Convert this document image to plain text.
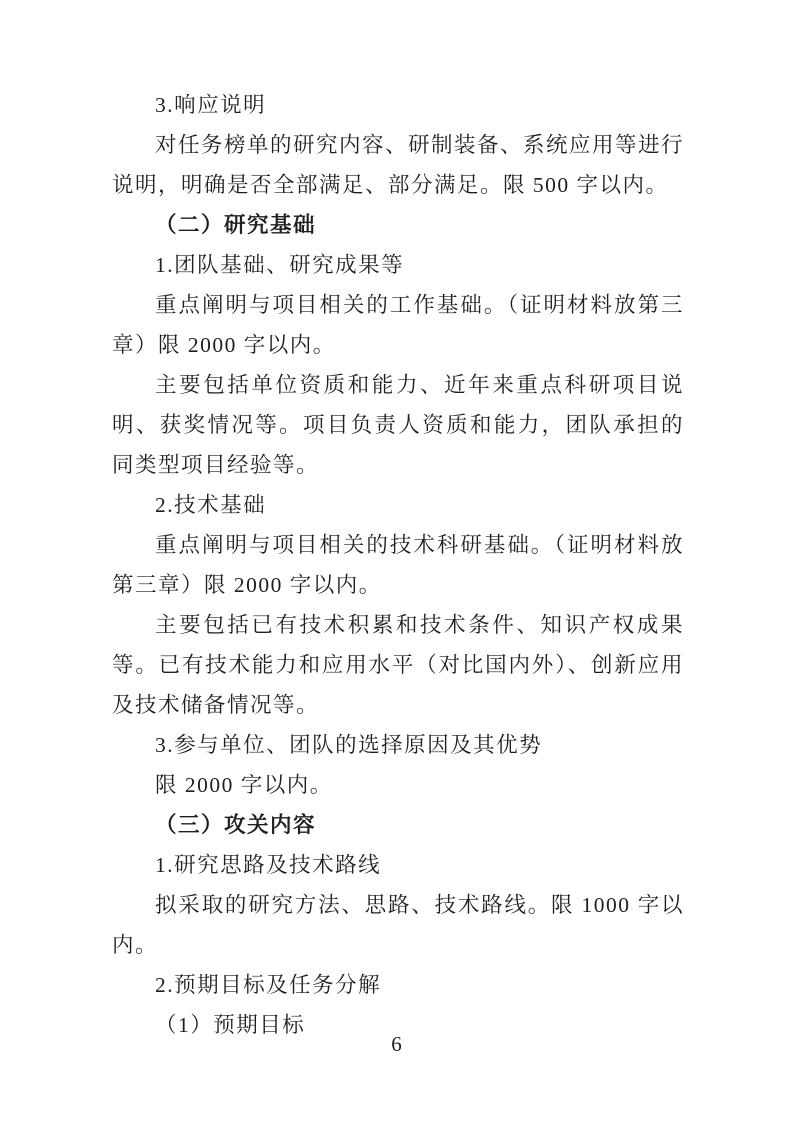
3.响应说明

对任务榜单的研究内容、研制装备、系统应用等进行说明，明确是否全部满足、部分满足。限 500 字以内。

（二）研究基础

1.团队基础、研究成果等

重点阐明与项目相关的工作基础。（证明材料放第三章）限 2000 字以内。

主要包括单位资质和能力、近年来重点科研项目说明、获奖情况等。项目负责人资质和能力，团队承担的同类型项目经验等。

2.技术基础

重点阐明与项目相关的技术科研基础。（证明材料放第三章）限 2000 字以内。

主要包括已有技术积累和技术条件、知识产权成果等。已有技术能力和应用水平（对比国内外）、创新应用及技术储备情况等。

3.参与单位、团队的选择原因及其优势

限 2000 字以内。

（三）攻关内容

1.研究思路及技术路线

拟采取的研究方法、思路、技术路线。限 1000 字以内。

2.预期目标及任务分解

（1）预期目标

6
